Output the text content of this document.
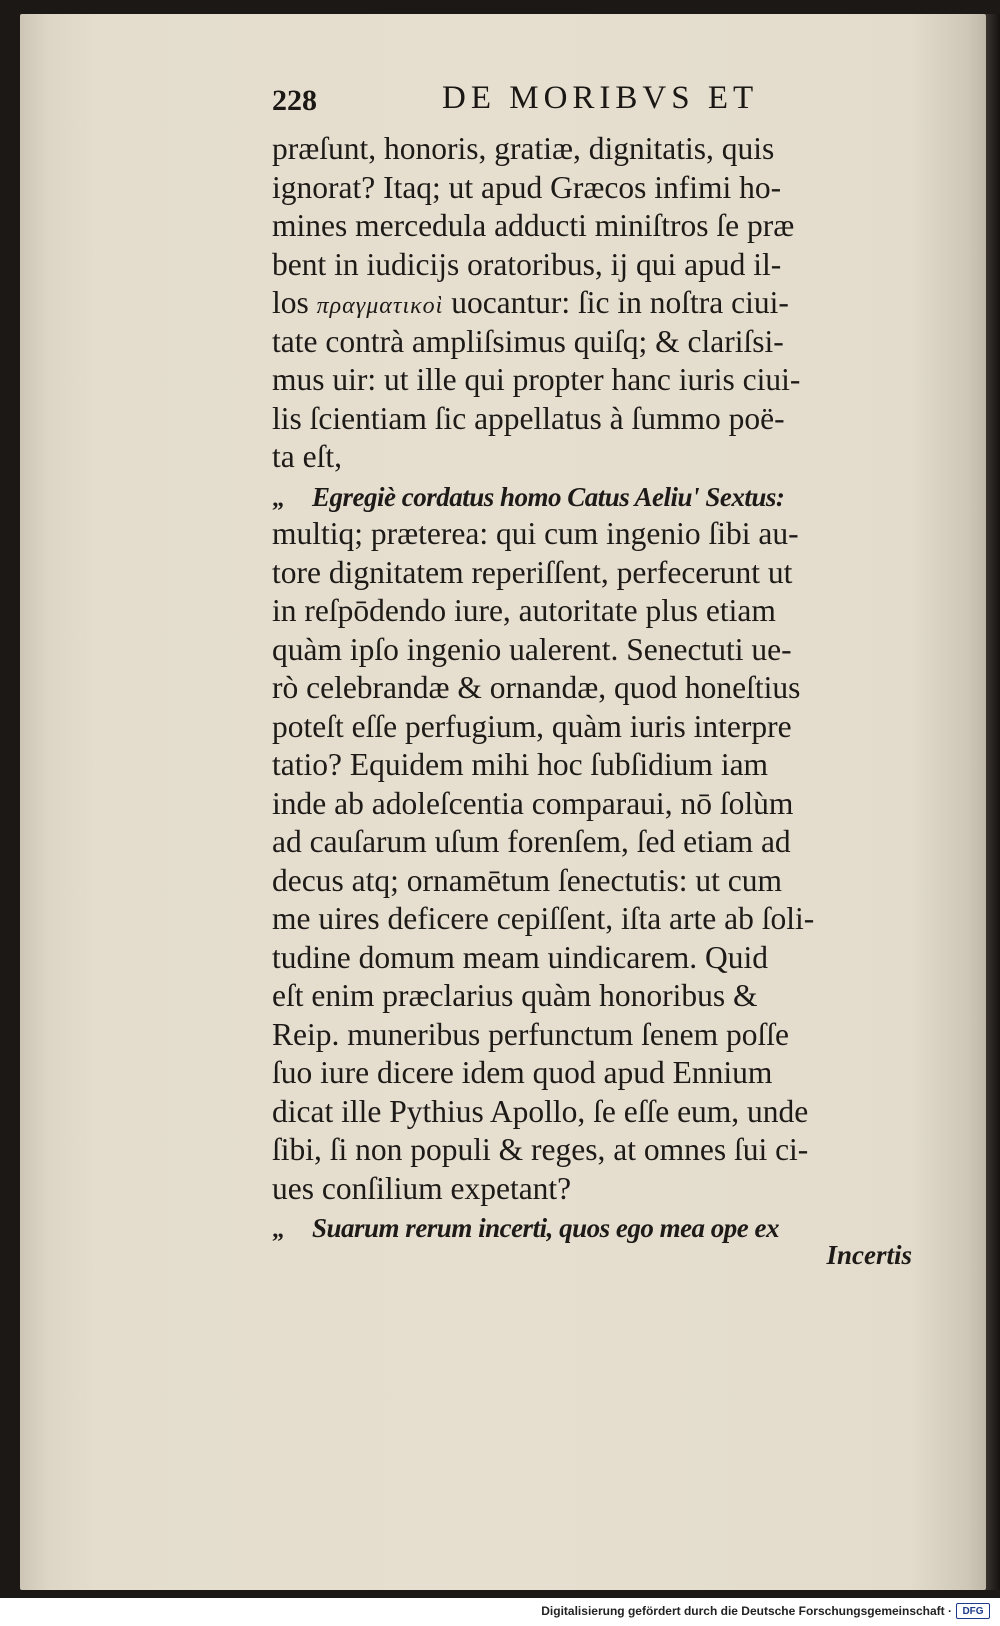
228	DE MORIBVS ET
præſunt, honoris, gratiæ, dignitatis, quis
ignorat? Itaq; ut apud Græcos infimi ho-
mines mercedula adducti miniſtros ſe præ
bent in iudicijs oratoribus, ij qui apud il-
los πραγματικοὶ uocantur: ſic in noſtra ciui-
tate contrà ampliſsimus quiſq; & clariſsi-
mus uir: ut ille qui propter hanc iuris ciui-
lis ſcientiam ſic appellatus à ſummo poë-
ta eſt,
„ Egregiè cordatus homo Catus Aeliu' Sextus:
multiq; præterea: qui cum ingenio ſibi au-
tore dignitatem reperiſſent, perfecerunt ut
in reſpōdendo iure, autoritate plus etiam
quàm ipſo ingenio ualerent. Senectuti ue-
rò celebrandæ & ornandæ, quod honeſtius
poteſt eſſe perfugium, quàm iuris interpre
tatio? Equidem mihi hoc ſubſidium iam
inde ab adoleſcentia comparaui, nō ſolùm
ad cauſarum uſum forenſem, ſed etiam ad
decus atq; ornamētum ſenectutis: ut cum
me uires deficere cepiſſent, iſta arte ab ſoli-
tudine domum meam uindicarem. Quid
eſt enim præclarius quàm honoribus &
Reip. muneribus perfunctum ſenem poſſe
ſuo iure dicere idem quod apud Ennium
dicat ille Pythius Apollo, ſe eſſe eum, unde
ſibi, ſi non populi & reges, at omnes ſui ci-
ues conſilium expetant?
„ Suarum rerum incerti, quos ego mea ope ex
Incertis
Digitalisierung gefördert durch die Deutsche Forschungsgemeinschaft ·	DFG
